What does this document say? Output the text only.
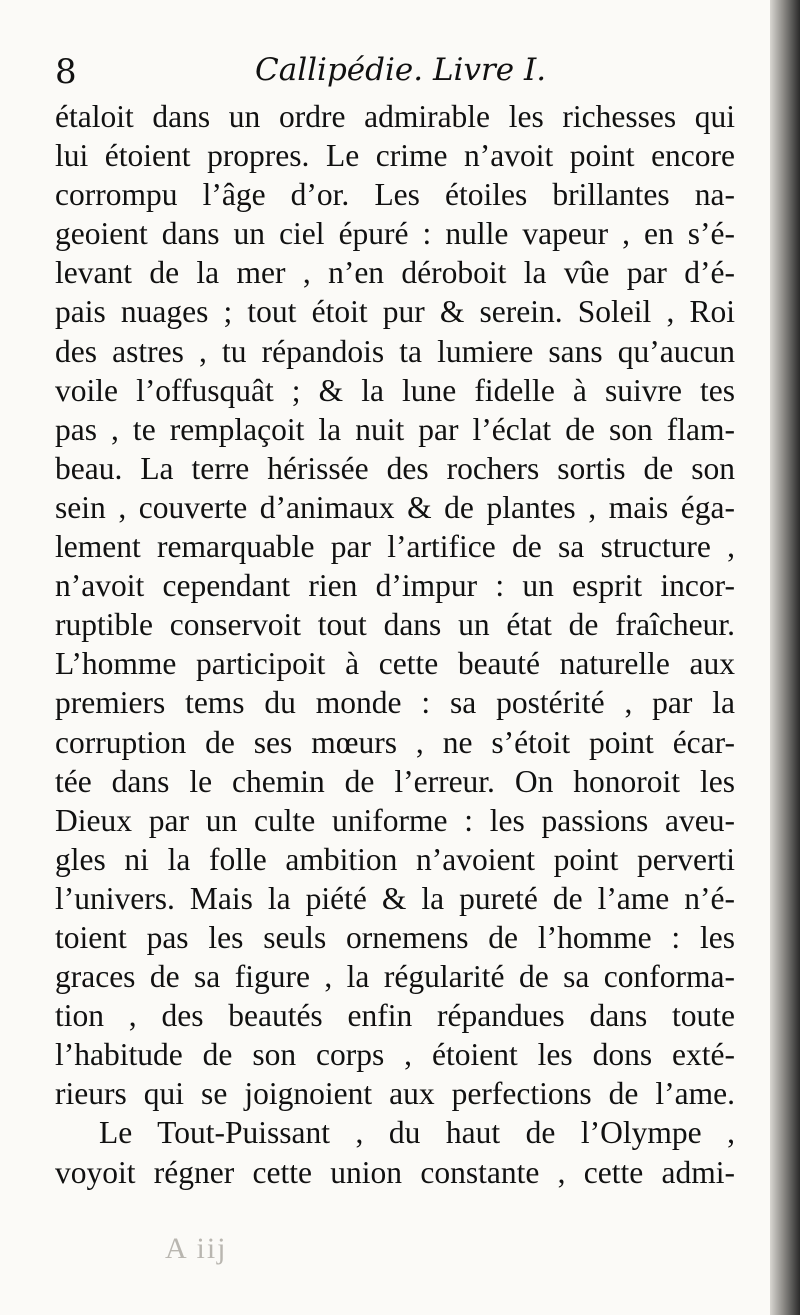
8	Callipédie. Livre I.
étaloit dans un ordre admirable les richesses qui
lui étoient propres. Le crime n’avoit point encore
corrompu l’âge d’or. Les étoiles brillantes na-
geoient dans un ciel épuré : nulle vapeur , en s’é-
levant de la mer , n’en déroboit la vûe par d’é-
pais nuages ; tout étoit pur & serein. Soleil , Roi
des astres , tu répandois ta lumiere sans qu’aucun
voile l’offusquât ; & la lune fidelle à suivre tes
pas , te remplaçoit la nuit par l’éclat de son flam-
beau. La terre hérissée des rochers sortis de son
sein , couverte d’animaux & de plantes , mais éga-
lement remarquable par l’artifice de sa structure ,
n’avoit cependant rien d’impur : un esprit incor-
ruptible conservoit tout dans un état de fraîcheur.
L’homme participoit à cette beauté naturelle aux
premiers tems du monde : sa postérité , par la
corruption de ses mœurs , ne s’étoit point écar-
tée dans le chemin de l’erreur. On honoroit les
Dieux par un culte uniforme : les passions aveu-
gles ni la folle ambition n’avoient point perverti
l’univers. Mais la piété & la pureté de l’ame n’é-
toient pas les seuls ornemens de l’homme : les
graces de sa figure , la régularité de sa conforma-
tion , des beautés enfin répandues dans toute
l’habitude de son corps , étoient les dons exté-
rieurs qui se joignoient aux perfections de l’ame.
Le Tout-Puissant , du haut de l’Olympe ,
voyoit régner cette union constante , cette admi-
A iij
